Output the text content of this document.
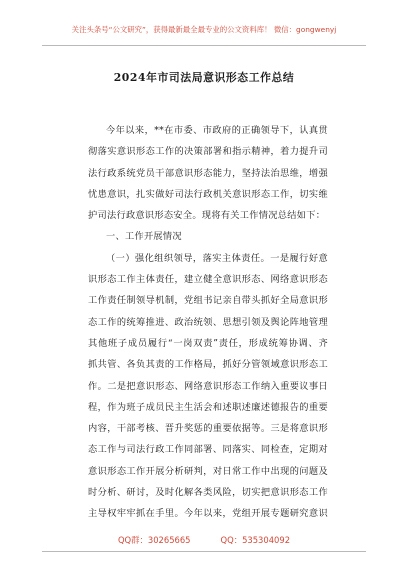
关注头条号“公文研究”，获得最新最全最专业的公文资料库！ 微信：gongwenyj
2024年市司法局意识形态工作总结
今年以来，**在市委、市政府的正确领导下，认真贯
彻落实意识形态工作的决策部署和指示精神，着力提升司
法行政系统党员干部意识形态能力，坚持法治思维，增强
忧患意识，扎实做好司法行政机关意识形态工作，切实维
护司法行政意识形态安全。现将有关工作情况总结如下：
一、工作开展情况
（一）强化组织领导，落实主体责任。一是履行好意
识形态工作主体责任，建立健全意识形态、网络意识形态
工作责任制领导机制，党组书记亲自带头抓好全局意识形
态工作的统筹推进、政治统领、思想引领及舆论阵地管理
其他班子成员履行“一岗双责”责任，形成统筹协调、齐
抓共管、各负其责的工作格局，抓好分管领域意识形态工
作。二是把意识形态、网络意识形态工作纳入重要议事日
程，作为班子成员民主生活会和述职述廉述德报告的重要
内容，干部考核、晋升奖惩的重要依据等。三是将意识形
态工作与司法行政工作同部署、同落实、同检查，定期对
意识形态工作开展分析研判，对日常工作中出现的问题及
时分析、研讨，及时化解各类风险，切实把意识形态工作
主导权牢牢抓在手里。今年以来，党组开展专题研究意识
QQ群：30265665	QQ：535304092
